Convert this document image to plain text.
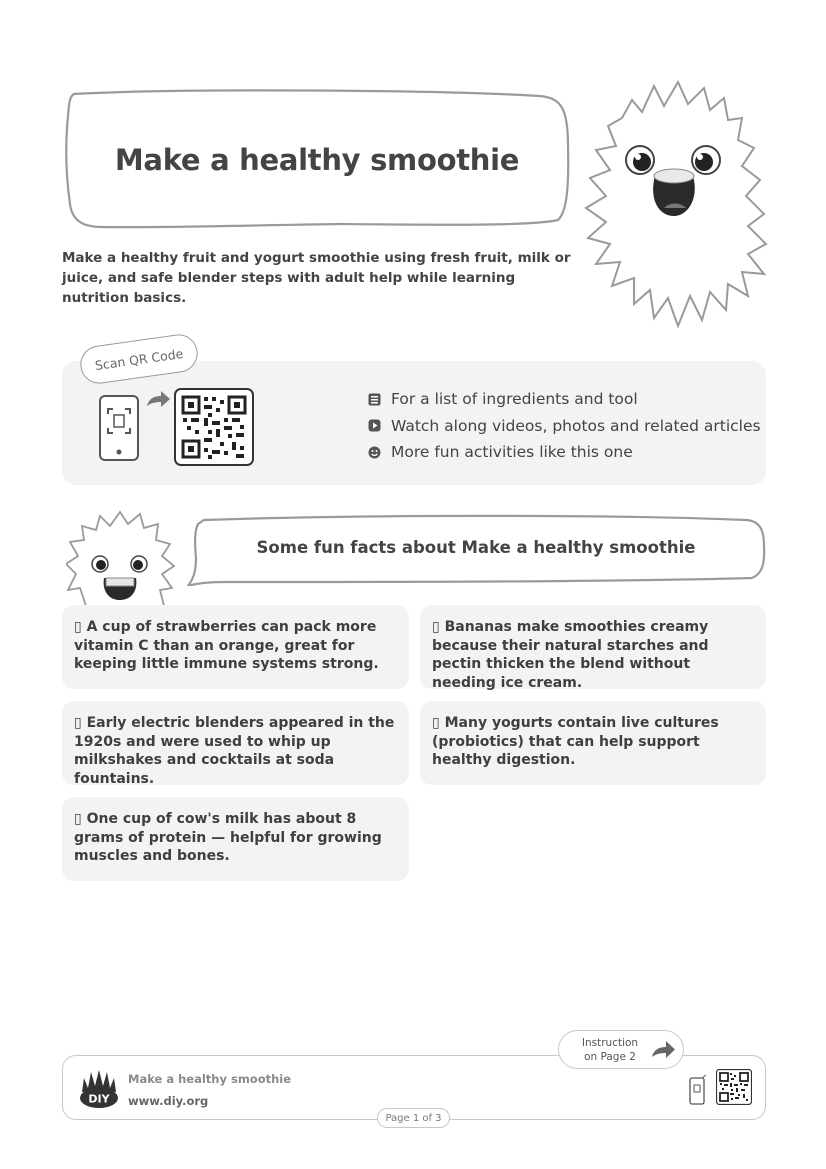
Make a healthy smoothie
Make a healthy fruit and yogurt smoothie using fresh fruit, milk or juice, and safe blender steps with adult help while learning nutrition basics.
Scan QR Code
For a list of ingredients and tool
Watch along videos, photos and related articles
More fun activities like this one
Some fun facts about Make a healthy smoothie
▯ A cup of strawberries can pack more vitamin C than an orange, great for keeping little immune systems strong.
▯ Bananas make smoothies creamy because their natural starches and pectin thicken the blend without needing ice cream.
▯ Early electric blenders appeared in the 1920s and were used to whip up milkshakes and cocktails at soda fountains.
▯ Many yogurts contain live cultures (probiotics) that can help support healthy digestion.
▯ One cup of cow's milk has about 8 grams of protein — helpful for growing muscles and bones.
Instruction
on Page 2
DIY
Make a healthy smoothie
www.diy.org
Page 1 of 3
